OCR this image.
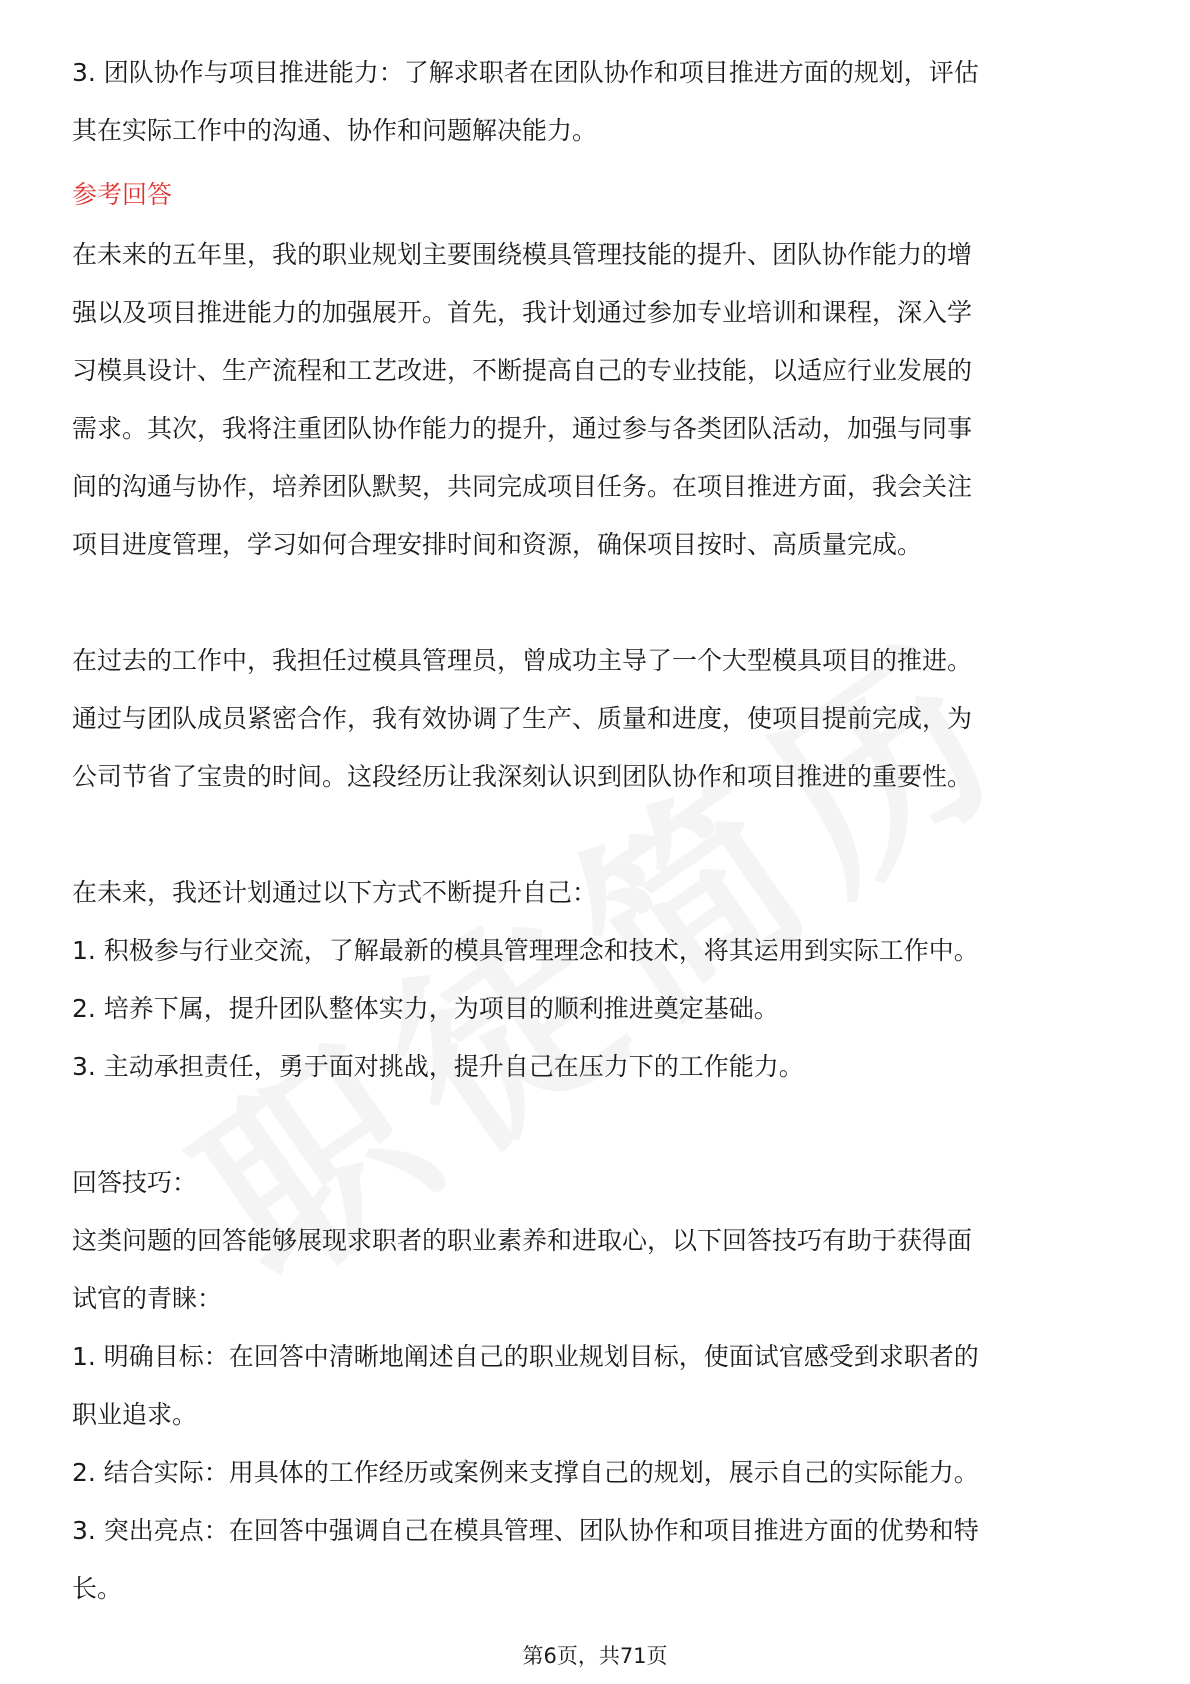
3. 团队协作与项目推进能力：了解求职者在团队协作和项目推进方面的规划，评估
其在实际工作中的沟通、协作和问题解决能力。
参考回答
在未来的五年里，我的职业规划主要围绕模具管理技能的提升、团队协作能力的增
强以及项目推进能力的加强展开。首先，我计划通过参加专业培训和课程，深入学
习模具设计、生产流程和工艺改进，不断提高自己的专业技能，以适应行业发展的
需求。其次，我将注重团队协作能力的提升，通过参与各类团队活动，加强与同事
间的沟通与协作，培养团队默契，共同完成项目任务。在项目推进方面，我会关注
项目进度管理，学习如何合理安排时间和资源，确保项目按时、高质量完成。
在过去的工作中，我担任过模具管理员，曾成功主导了一个大型模具项目的推进。
通过与团队成员紧密合作，我有效协调了生产、质量和进度，使项目提前完成，为
公司节省了宝贵的时间。这段经历让我深刻认识到团队协作和项目推进的重要性。
在未来，我还计划通过以下方式不断提升自己：
1. 积极参与行业交流，了解最新的模具管理理念和技术，将其运用到实际工作中。
2. 培养下属，提升团队整体实力，为项目的顺利推进奠定基础。
3. 主动承担责任，勇于面对挑战，提升自己在压力下的工作能力。
回答技巧：
这类问题的回答能够展现求职者的职业素养和进取心，以下回答技巧有助于获得面
试官的青睐：
1. 明确目标：在回答中清晰地阐述自己的职业规划目标，使面试官感受到求职者的
职业追求。
2. 结合实际：用具体的工作经历或案例来支撑自己的规划，展示自己的实际能力。
3. 突出亮点：在回答中强调自己在模具管理、团队协作和项目推进方面的优势和特
长。
第6页，共71页
